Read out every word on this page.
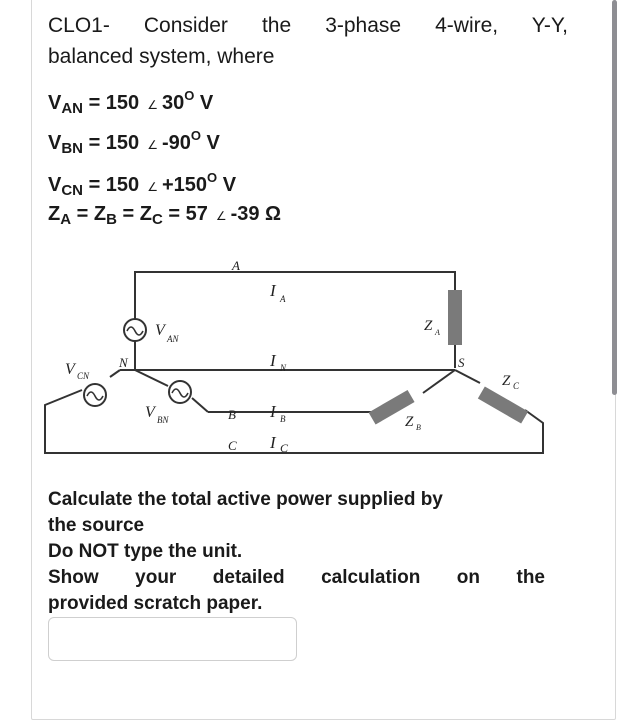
CLO1- Consider the 3-phase 4-wire, Y-Y,
balanced system, where
$V_{AN} = 150$ ∠ $30^O$ V
$V_{BN} = 150$ ∠ $-90^O$ V
$V_{CN} = 150$ ∠ $+150^O$ V
$Z_A = Z_B = Z_C = 57$ ∠ -39 Ω
A
B
C
N	S
I A
I N
I B
I C
V AN
V BN
V CN
Z A
Z B
Z C
Calculate the total active power supplied by
the source
Do NOT type the unit.
Show your detailed calculation on the
provided scratch paper.
